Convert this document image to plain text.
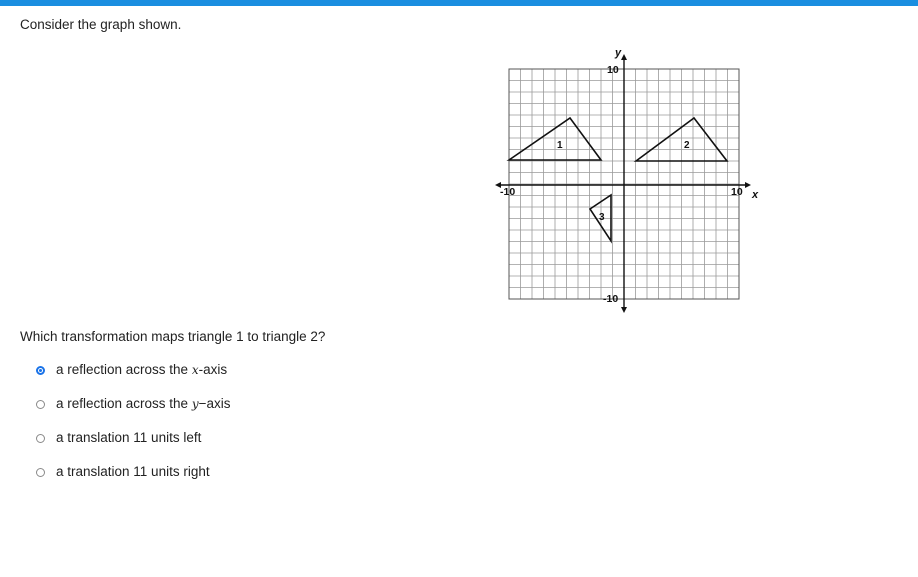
Consider the graph shown.
y
x
10
-10
-10	10
1	2
3
Which transformation maps triangle 1 to triangle 2?
a reflection across the x-axis
a reflection across the y−axis
a translation 11 units left
a translation 11 units right
